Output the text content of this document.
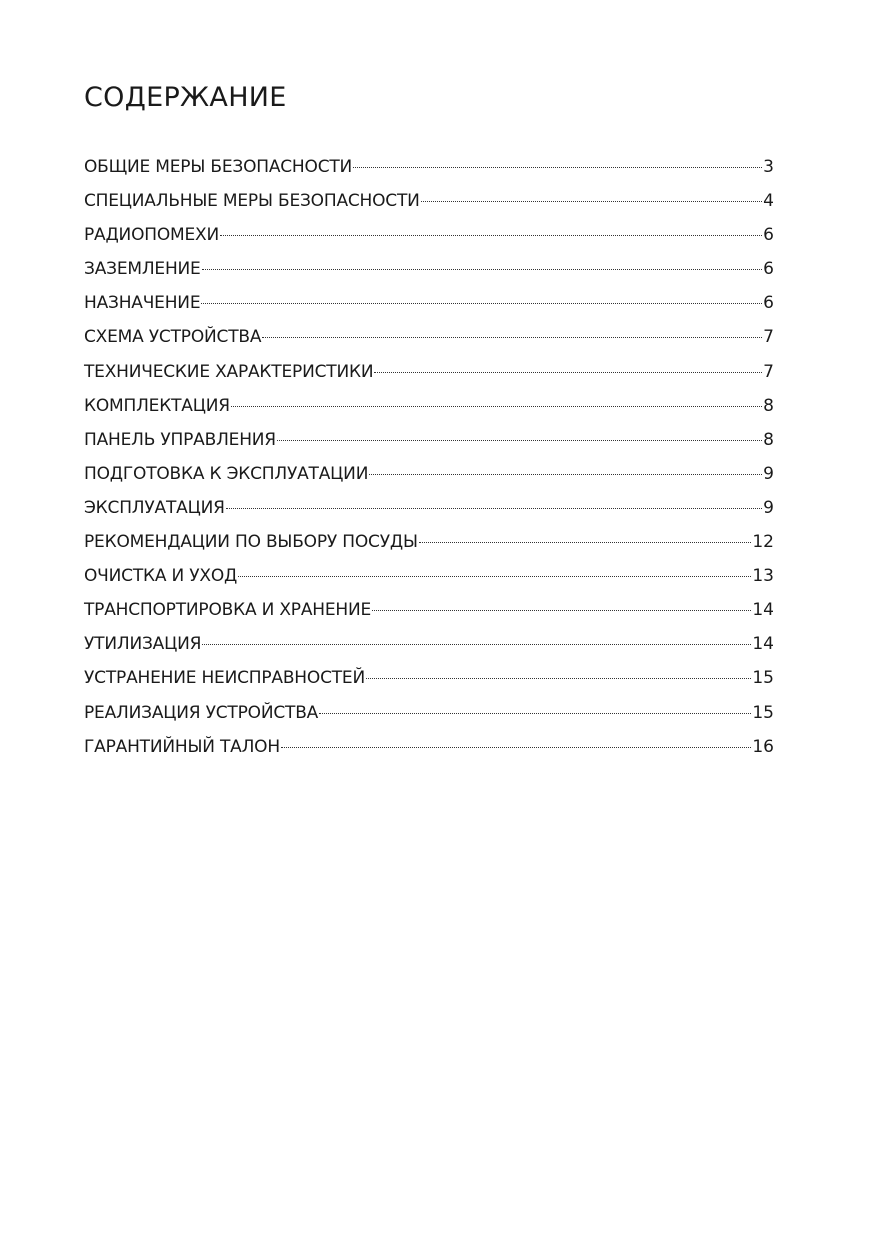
СОДЕРЖАНИЕ
ОБЩИЕ МЕРЫ БЕЗОПАСНОСТИ	3
СПЕЦИАЛЬНЫЕ МЕРЫ БЕЗОПАСНОСТИ	4
РАДИОПОМЕХИ	6
ЗАЗЕМЛЕНИЕ	6
НАЗНАЧЕНИЕ	6
СХЕМА УСТРОЙСТВА	7
ТЕХНИЧЕСКИЕ ХАРАКТЕРИСТИКИ	7
КОМПЛЕКТАЦИЯ	8
ПАНЕЛЬ УПРАВЛЕНИЯ	8
ПОДГОТОВКА К ЭКСПЛУАТАЦИИ	9
ЭКСПЛУАТАЦИЯ	9
РЕКОМЕНДАЦИИ ПО ВЫБОРУ ПОСУДЫ	12
ОЧИСТКА И УХОД	13
ТРАНСПОРТИРОВКА И ХРАНЕНИЕ	14
УТИЛИЗАЦИЯ	14
УСТРАНЕНИЕ НЕИСПРАВНОСТЕЙ	15
РЕАЛИЗАЦИЯ УСТРОЙСТВА	15
ГАРАНТИЙНЫЙ ТАЛОН	16
